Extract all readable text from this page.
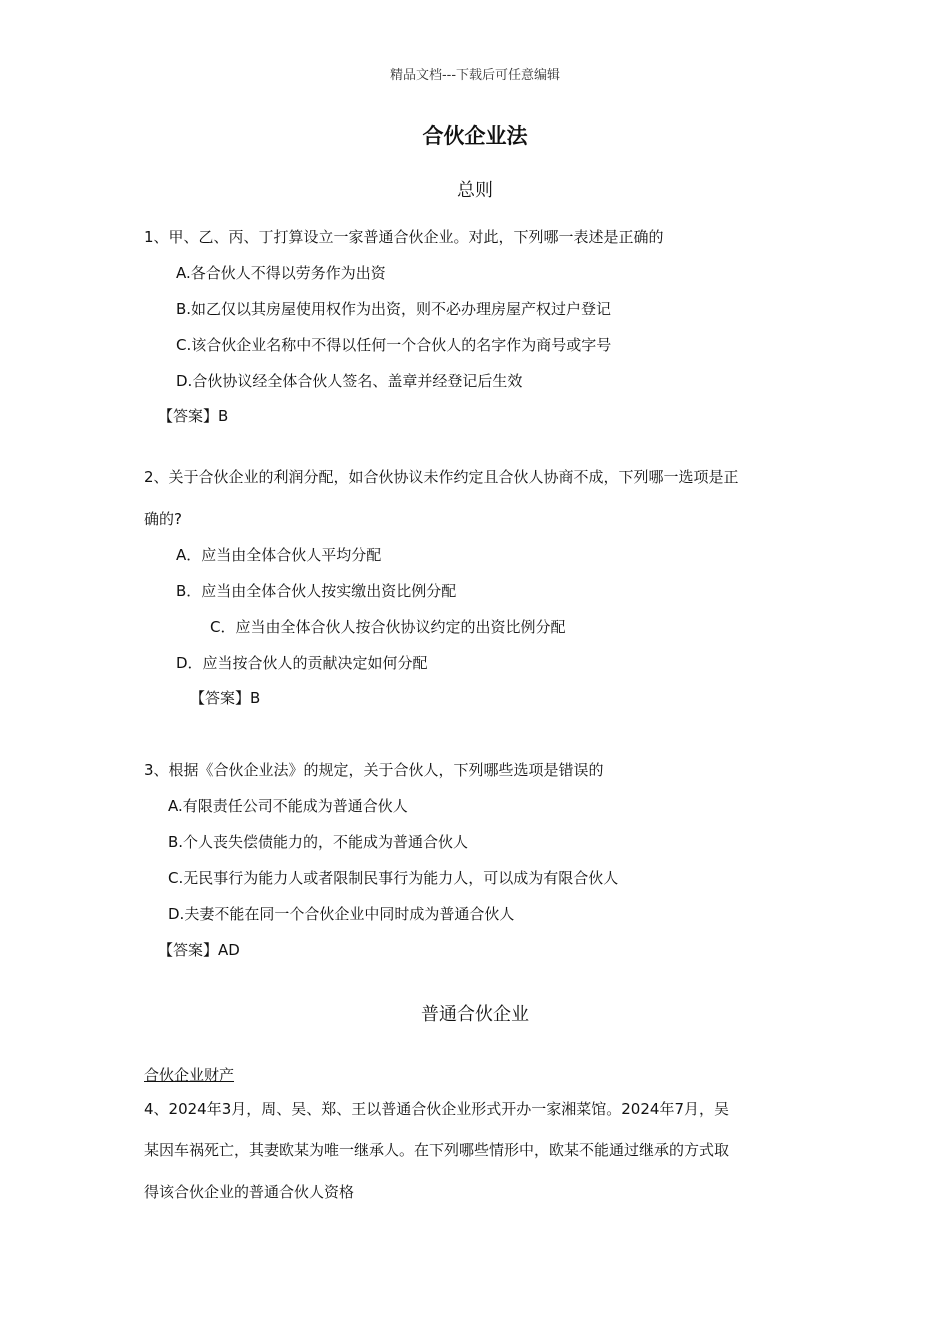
精品文档---下载后可任意编辑
合伙企业法
总则
1、甲、乙、丙、丁打算设立一家普通合伙企业。对此，下列哪一表述是正确的
A.各合伙人不得以劳务作为出资
B.如乙仅以其房屋使用权作为出资，则不必办理房屋产权过户登记
C.该合伙企业名称中不得以任何一个合伙人的名字作为商号或字号
D.合伙协议经全体合伙人签名、盖章并经登记后生效
【答案】B
2、关于合伙企业的利润分配，如合伙协议未作约定且合伙人协商不成，下列哪一选项是正
确的?
A．应当由全体合伙人平均分配
B．应当由全体合伙人按实缴出资比例分配
C．应当由全体合伙人按合伙协议约定的出资比例分配
D．应当按合伙人的贡献决定如何分配
【答案】B
3、根据《合伙企业法》的规定，关于合伙人，下列哪些选项是错误的
A.有限责任公司不能成为普通合伙人
B.个人丧失偿债能力的，不能成为普通合伙人
C.无民事行为能力人或者限制民事行为能力人，可以成为有限合伙人
D.夫妻不能在同一个合伙企业中同时成为普通合伙人
【答案】AD
普通合伙企业
合伙企业财产
4、2024年3月，周、吴、郑、王以普通合伙企业形式开办一家湘菜馆。2024年7月，吴
某因车祸死亡，其妻欧某为唯一继承人。在下列哪些情形中，欧某不能通过继承的方式取
得该合伙企业的普通合伙人资格
